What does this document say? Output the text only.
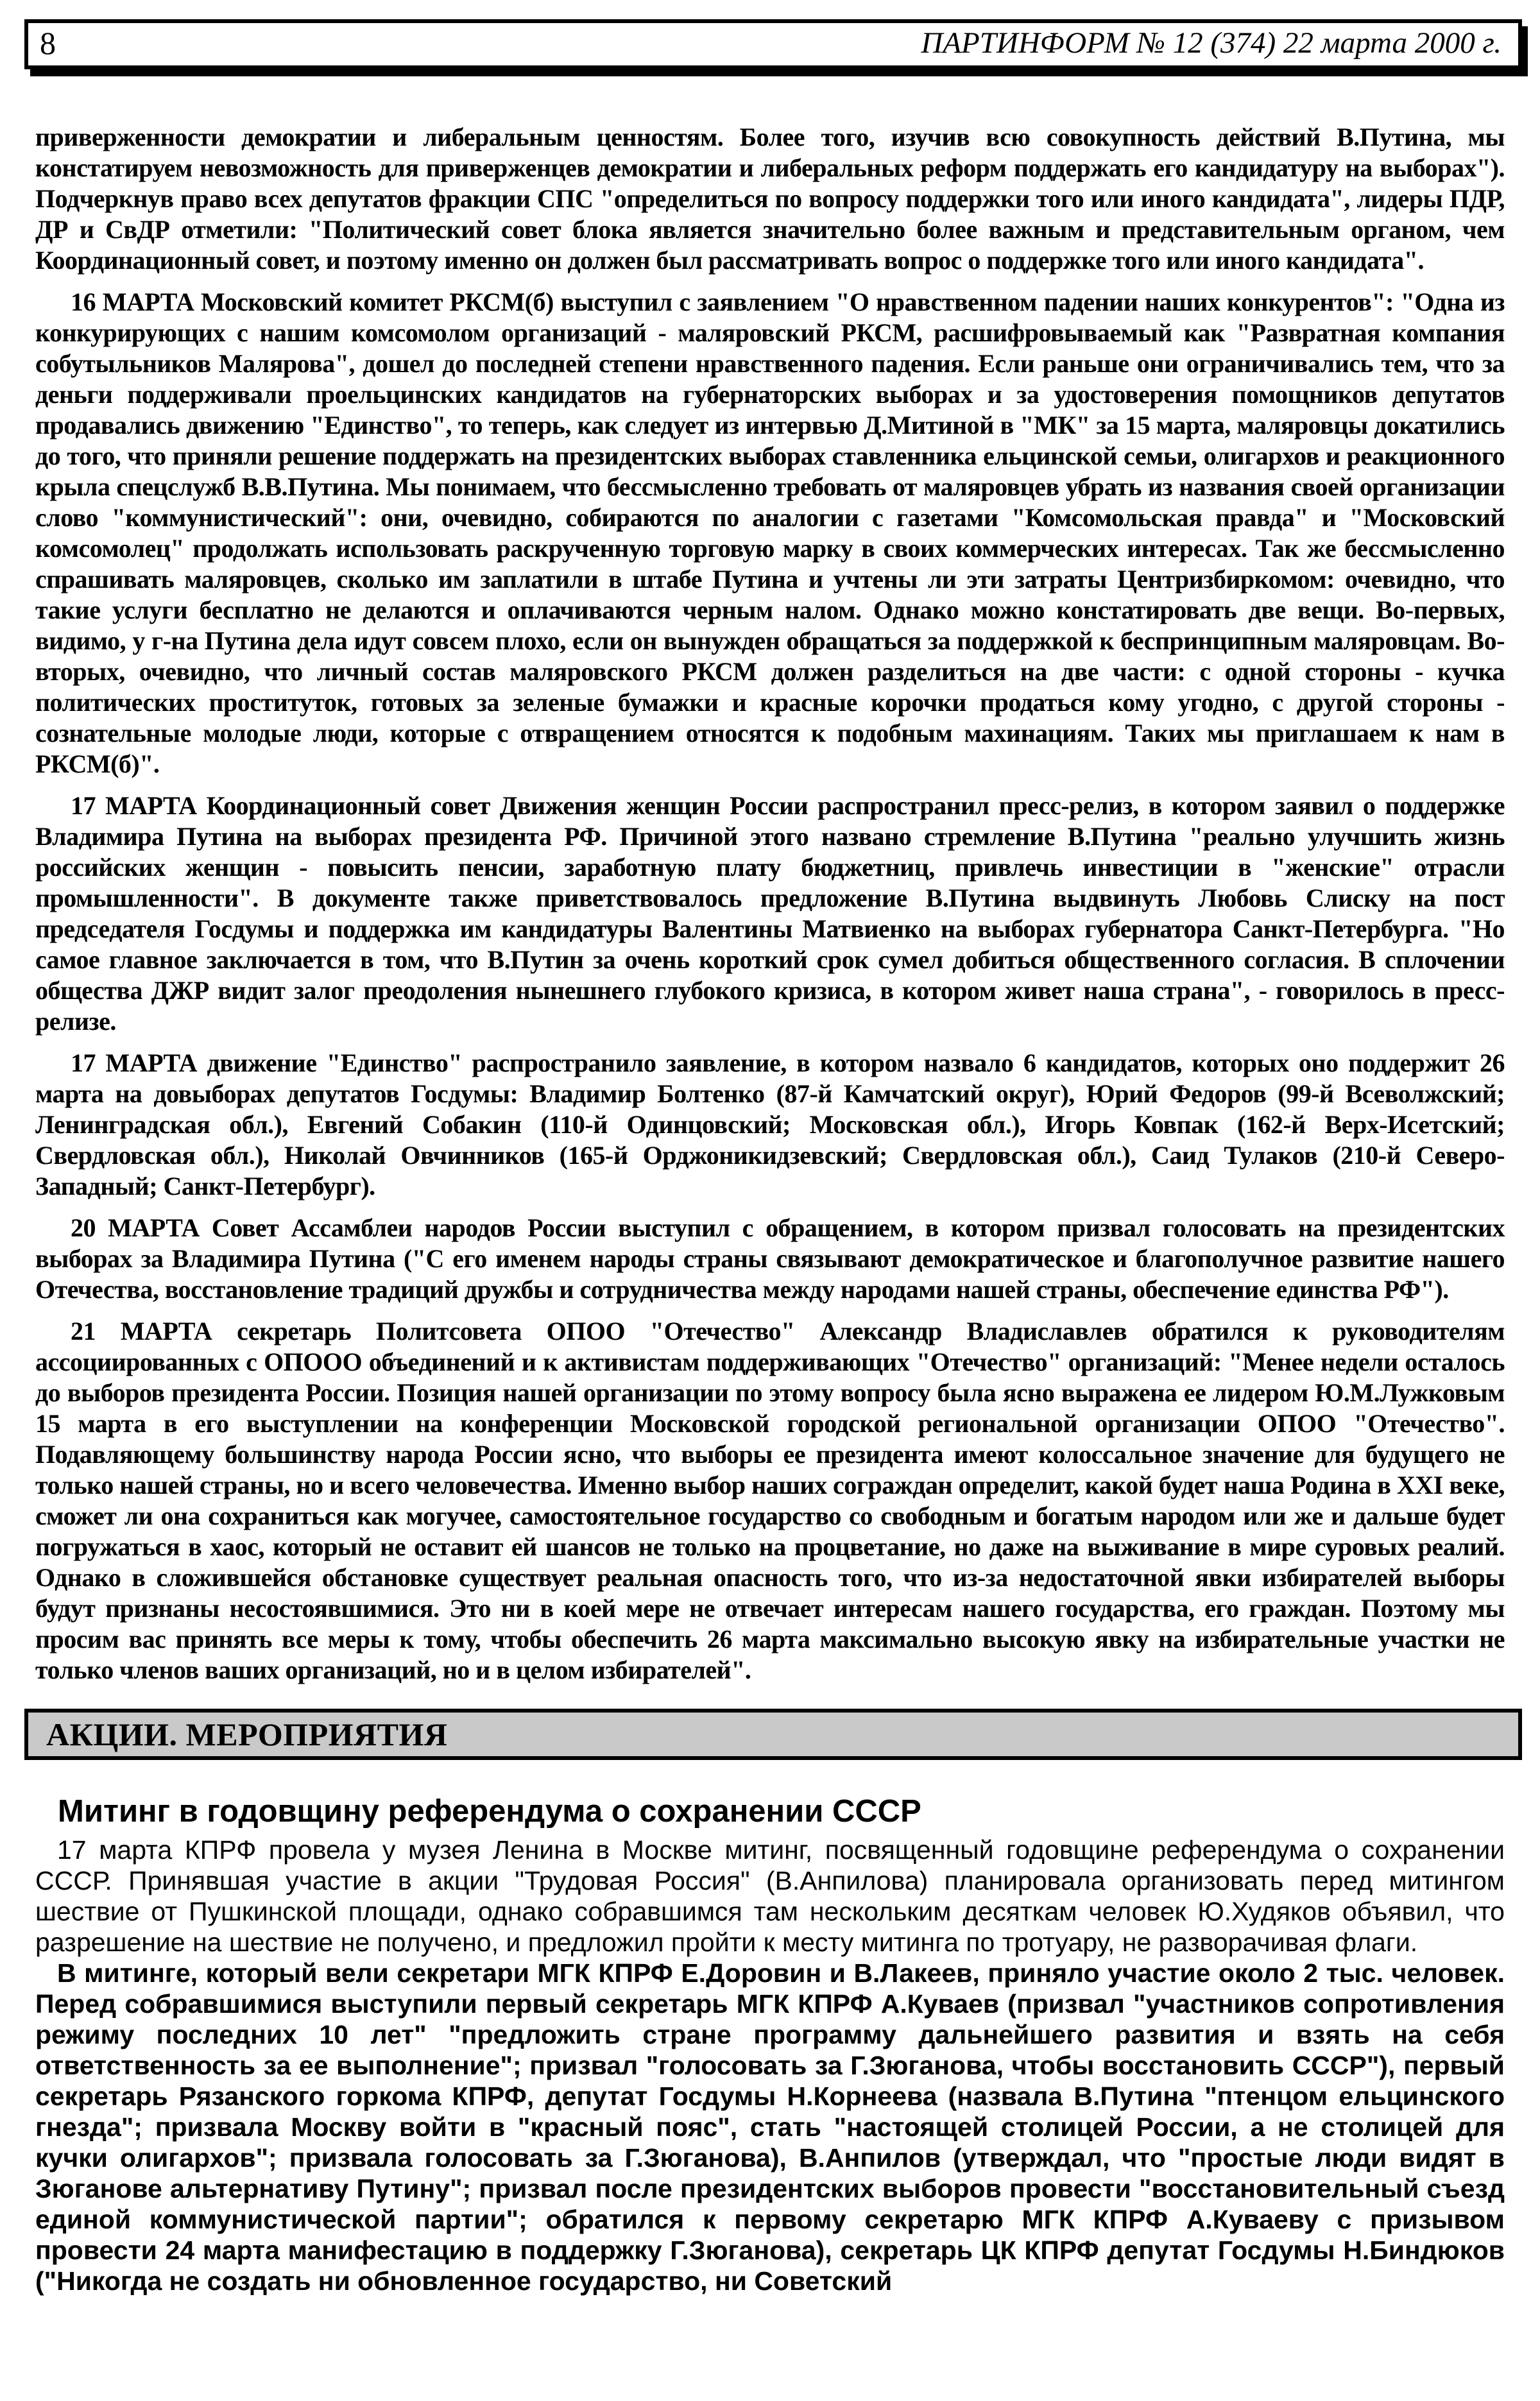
8	ПАРТИНФОРМ № 12 (374) 22 марта 2000 г.

приверженности демократии и либеральным ценностям. Более того, изучив всю совокупность действий В.Путина, мы констатируем невозможность для приверженцев демократии и либеральных реформ поддержать его кандидатуру на выборах"). Подчеркнув право всех депутатов фракции СПС "определиться по вопросу поддержки того или иного кандидата", лидеры ПДР, ДР и СвДР отметили: "Политический совет блока является значительно более важным и представительным органом, чем Координационный совет, и поэтому именно он должен был рассматривать вопрос о поддержке того или иного кандидата".

16 МАРТА Московский комитет РКСМ(б) выступил с заявлением "О нравственном падении наших конкурентов": "Одна из конкурирующих с нашим комсомолом организаций - маляровский РКСМ, расшифровываемый как "Развратная компания собутыльников Малярова", дошел до последней степени нравственного падения. Если раньше они ограничивались тем, что за деньги поддерживали проельцинских кандидатов на губернаторских выборах и за удостоверения помощников депутатов продавались движению "Единство", то теперь, как следует из интервью Д.Митиной в "МК" за 15 марта, маляровцы докатились до того, что приняли решение поддержать на президентских выборах ставленника ельцинской семьи, олигархов и реакционного крыла спецслужб В.В.Путина. Мы понимаем, что бессмысленно требовать от маляровцев убрать из названия своей организации слово "коммунистический": они, очевидно, собираются по аналогии с газетами "Комсомольская правда" и "Московский комсомолец" продолжать использовать раскрученную торговую марку в своих коммерческих интересах. Так же бессмысленно спрашивать маляровцев, сколько им заплатили в штабе Путина и учтены ли эти затраты Центризбиркомом: очевидно, что такие услуги бесплатно не делаются и оплачиваются черным налом. Однако можно констатировать две вещи. Во-первых, видимо, у г-на Путина дела идут совсем плохо, если он вынужден обращаться за поддержкой к беспринципным маляровцам. Во-вторых, очевидно, что личный состав маляровского РКСМ должен разделиться на две части: с одной стороны - кучка политических проституток, готовых за зеленые бумажки и красные корочки продаться кому угодно, с другой стороны - сознательные молодые люди, которые с отвращением относятся к подобным махинациям. Таких мы приглашаем к нам в РКСМ(б)".

17 МАРТА Координационный совет Движения женщин России распространил пресс-релиз, в котором заявил о поддержке Владимира Путина на выборах президента РФ. Причиной этого названо стремление В.Путина "реально улучшить жизнь российских женщин - повысить пенсии, заработную плату бюджетниц, привлечь инвестиции в "женские" отрасли промышленности". В документе также приветствовалось предложение В.Путина выдвинуть Любовь Слиску на пост председателя Госдумы и поддержка им кандидатуры Валентины Матвиенко на выборах губернатора Санкт-Петербурга. "Но самое главное заключается в том, что В.Путин за очень короткий срок сумел добиться общественного согласия. В сплочении общества ДЖР видит залог преодоления нынешнего глубокого кризиса, в котором живет наша страна", - говорилось в пресс-релизе.

17 МАРТА движение "Единство" распространило заявление, в котором назвало 6 кандидатов, которых оно поддержит 26 марта на довыборах депутатов Госдумы: Владимир Болтенко (87-й Камчатский округ), Юрий Федоров (99-й Всеволжский; Ленинградская обл.), Евгений Собакин (110-й Одинцовский; Московская обл.), Игорь Ковпак (162-й Верх-Исетский; Свердловская обл.), Николай Овчинников (165-й Орджоникидзевский; Свердловская обл.), Саид Тулаков (210-й Северо-Западный; Санкт-Петербург).

20 МАРТА Совет Ассамблеи народов России выступил с обращением, в котором призвал голосовать на президентских выборах за Владимира Путина ("С его именем народы страны связывают демократическое и благополучное развитие нашего Отечества, восстановление традиций дружбы и сотрудничества между народами нашей страны, обеспечение единства РФ").

21 МАРТА секретарь Политсовета ОПОО "Отечество" Александр Владиславлев обратился к руководителям ассоциированных с ОПООО объединений и к активистам поддерживающих "Отечество" организаций: "Менее недели осталось до выборов президента России. Позиция нашей организации по этому вопросу была ясно выражена ее лидером Ю.М.Лужковым 15 марта в его выступлении на конференции Московской городской региональной организации ОПОО "Отечество". Подавляющему большинству народа России ясно, что выборы ее президента имеют колоссальное значение для будущего не только нашей страны, но и всего человечества. Именно выбор наших сограждан определит, какой будет наша Родина в XXI веке, сможет ли она сохраниться как могучее, самостоятельное государство со свободным и богатым народом или же и дальше будет погружаться в хаос, который не оставит ей шансов не только на процветание, но даже на выживание в мире суровых реалий. Однако в сложившейся обстановке существует реальная опасность того, что из-за недостаточной явки избирателей выборы будут признаны несостоявшимися. Это ни в коей мере не отвечает интересам нашего государства, его граждан. Поэтому мы просим вас принять все меры к тому, чтобы обеспечить 26 марта максимально высокую явку на избирательные участки не только членов ваших организаций, но и в целом избирателей".

АКЦИИ. МЕРОПРИЯТИЯ
Митинг в годовщину референдума о сохранении СССР

17 марта КПРФ провела у музея Ленина в Москве митинг, посвященный годовщине референдума о сохранении СССР. Принявшая участие в акции "Трудовая Россия" (В.Анпилова) планировала организовать перед митингом шествие от Пушкинской площади, однако собравшимся там нескольким десяткам человек Ю.Худяков объявил, что разрешение на шествие не получено, и предложил пройти к месту митинга по тротуару, не разворачивая флаги.

В митинге, который вели секретари МГК КПРФ Е.Доровин и В.Лакеев, приняло участие около 2 тыс. человек. Перед собравшимися выступили первый секретарь МГК КПРФ А.Куваев (призвал "участников сопротивления режиму последних 10 лет" "предложить стране программу дальнейшего развития и взять на себя ответственность за ее выполнение"; призвал "голосовать за Г.Зюганова, чтобы восстановить СССР"), первый секретарь Рязанского горкома КПРФ, депутат Госдумы Н.Корнеева (назвала В.Путина "птенцом ельцинского гнезда"; призвала Москву войти в "красный пояс", стать "настоящей столицей России, а не столицей для кучки олигархов"; призвала голосовать за Г.Зюганова), В.Анпилов (утверждал, что "простые люди видят в Зюганове альтернативу Путину"; призвал после президентских выборов провести "восстановительный съезд единой коммунистической партии"; обратился к первому секретарю МГК КПРФ А.Куваеву с призывом провести 24 марта манифестацию в поддержку Г.Зюганова), секретарь ЦК КПРФ депутат Госдумы Н.Биндюков ("Никогда не создать ни обновленное государство, ни Советский
